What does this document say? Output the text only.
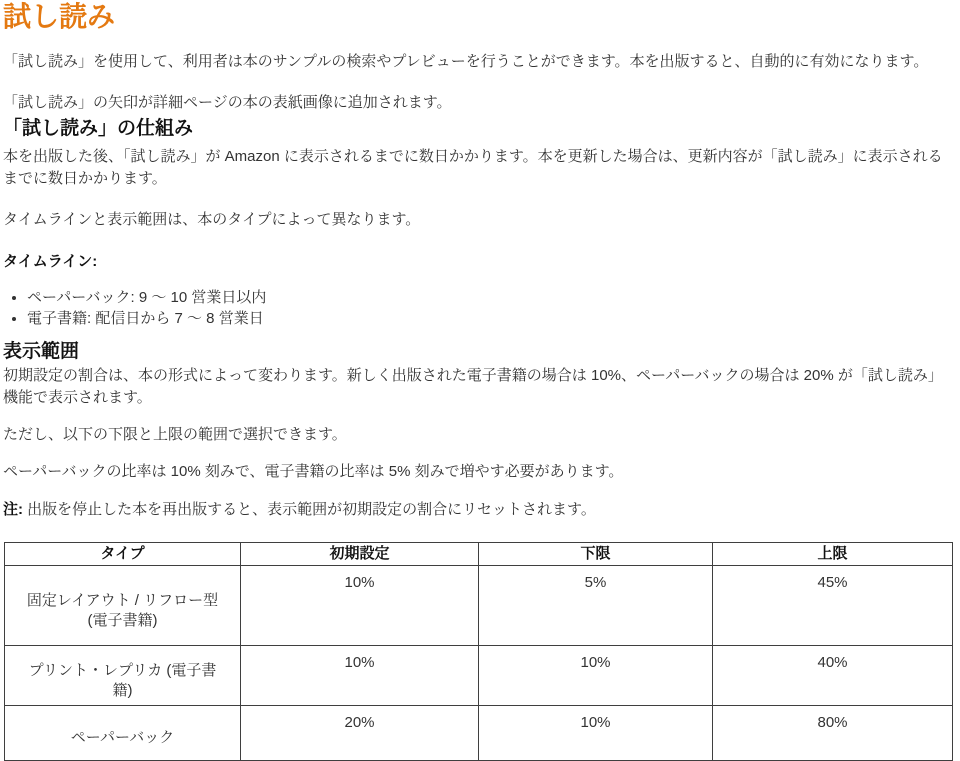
試し読み

「試し読み」を使用して、利用者は本のサンプルの検索やプレビューを行うことができます。本を出版すると、自動的に有効になります。

「試し読み」の矢印が詳細ページの本の表紙画像に追加されます。

「試し読み」の仕組み

本を出版した後、「試し読み」が Amazon に表示されるまでに数日かかります。本を更新した場合は、更新内容が「試し読み」に表示されるまでに数日かかります。

タイムラインと表示範囲は、本のタイプによって異なります。

タイムライン:

• ペーパーバック: 9 ～ 10 営業日以内
• 電子書籍: 配信日から 7 ～ 8 営業日
表示範囲

初期設定の割合は、本の形式によって変わります。新しく出版された電子書籍の場合は 10%、ペーパーバックの場合は 20% が「試し読み」機能で表示されます。

ただし、以下の下限と上限の範囲で選択できます。

ペーパーバックの比率は 10% 刻みで、電子書籍の比率は 5% 刻みで増やす必要があります。

注: 出版を停止した本を再出版すると、表示範囲が初期設定の割合にリセットされます。

タイプ	初期設定	下限	上限
固定レイアウト / リフロー型 (電子書籍)	10%	5%	45%
プリント・レプリカ (電子書籍)	10%	10%	40%
ペーパーバック	20%	10%	80%
